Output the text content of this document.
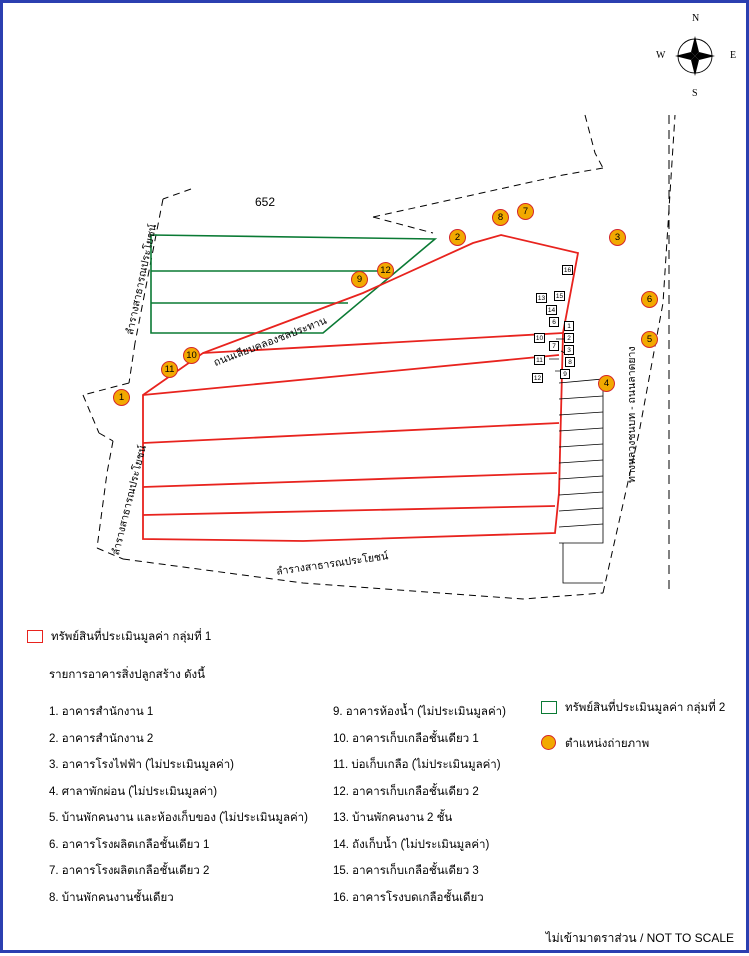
N
E
S
W
652
ลำรางสาธารณประโยชน์
ถนนเลียบคลองชลประทาน
ลำรางสาธารณประโยชน์
ลำรางสาธารณประโยชน์
ทางหลวงชนบท - ถนนลาดยาง
1
2	3
4
5
6
7
8
9
10
11
12	16
15
13
14
6
10
1
2
7
3
11	8
9
12
ทรัพย์สินที่ประเมินมูลค่า กลุ่มที่ 1
ทรัพย์สินที่ประเมินมูลค่า กลุ่มที่ 2
ตำแหน่งถ่ายภาพ
รายการอาคารสิ่งปลูกสร้าง ดังนี้
1. อาคารสำนักงาน 1
2. อาคารสำนักงาน 2
3. อาคารโรงไฟฟ้า (ไม่ประเมินมูลค่า)
4. ศาลาพักผ่อน (ไม่ประเมินมูลค่า)
5. บ้านพักคนงาน และห้องเก็บของ (ไม่ประเมินมูลค่า)
6. อาคารโรงผลิตเกลือชั้นเดียว 1
7. อาคารโรงผลิตเกลือชั้นเดียว 2
8. บ้านพักคนงานชั้นเดียว
9. อาคารห้องน้ำ (ไม่ประเมินมูลค่า)
10. อาคารเก็บเกลือชั้นเดียว 1
11. บ่อเก็บเกลือ (ไม่ประเมินมูลค่า)
12. อาคารเก็บเกลือชั้นเดียว 2
13. บ้านพักคนงาน 2 ชั้น
14. ถังเก็บน้ำ (ไม่ประเมินมูลค่า)
15. อาคารเก็บเกลือชั้นเดียว 3
16. อาคารโรงบดเกลือชั้นเดียว
ไม่เข้ามาตราส่วน / NOT TO SCALE
